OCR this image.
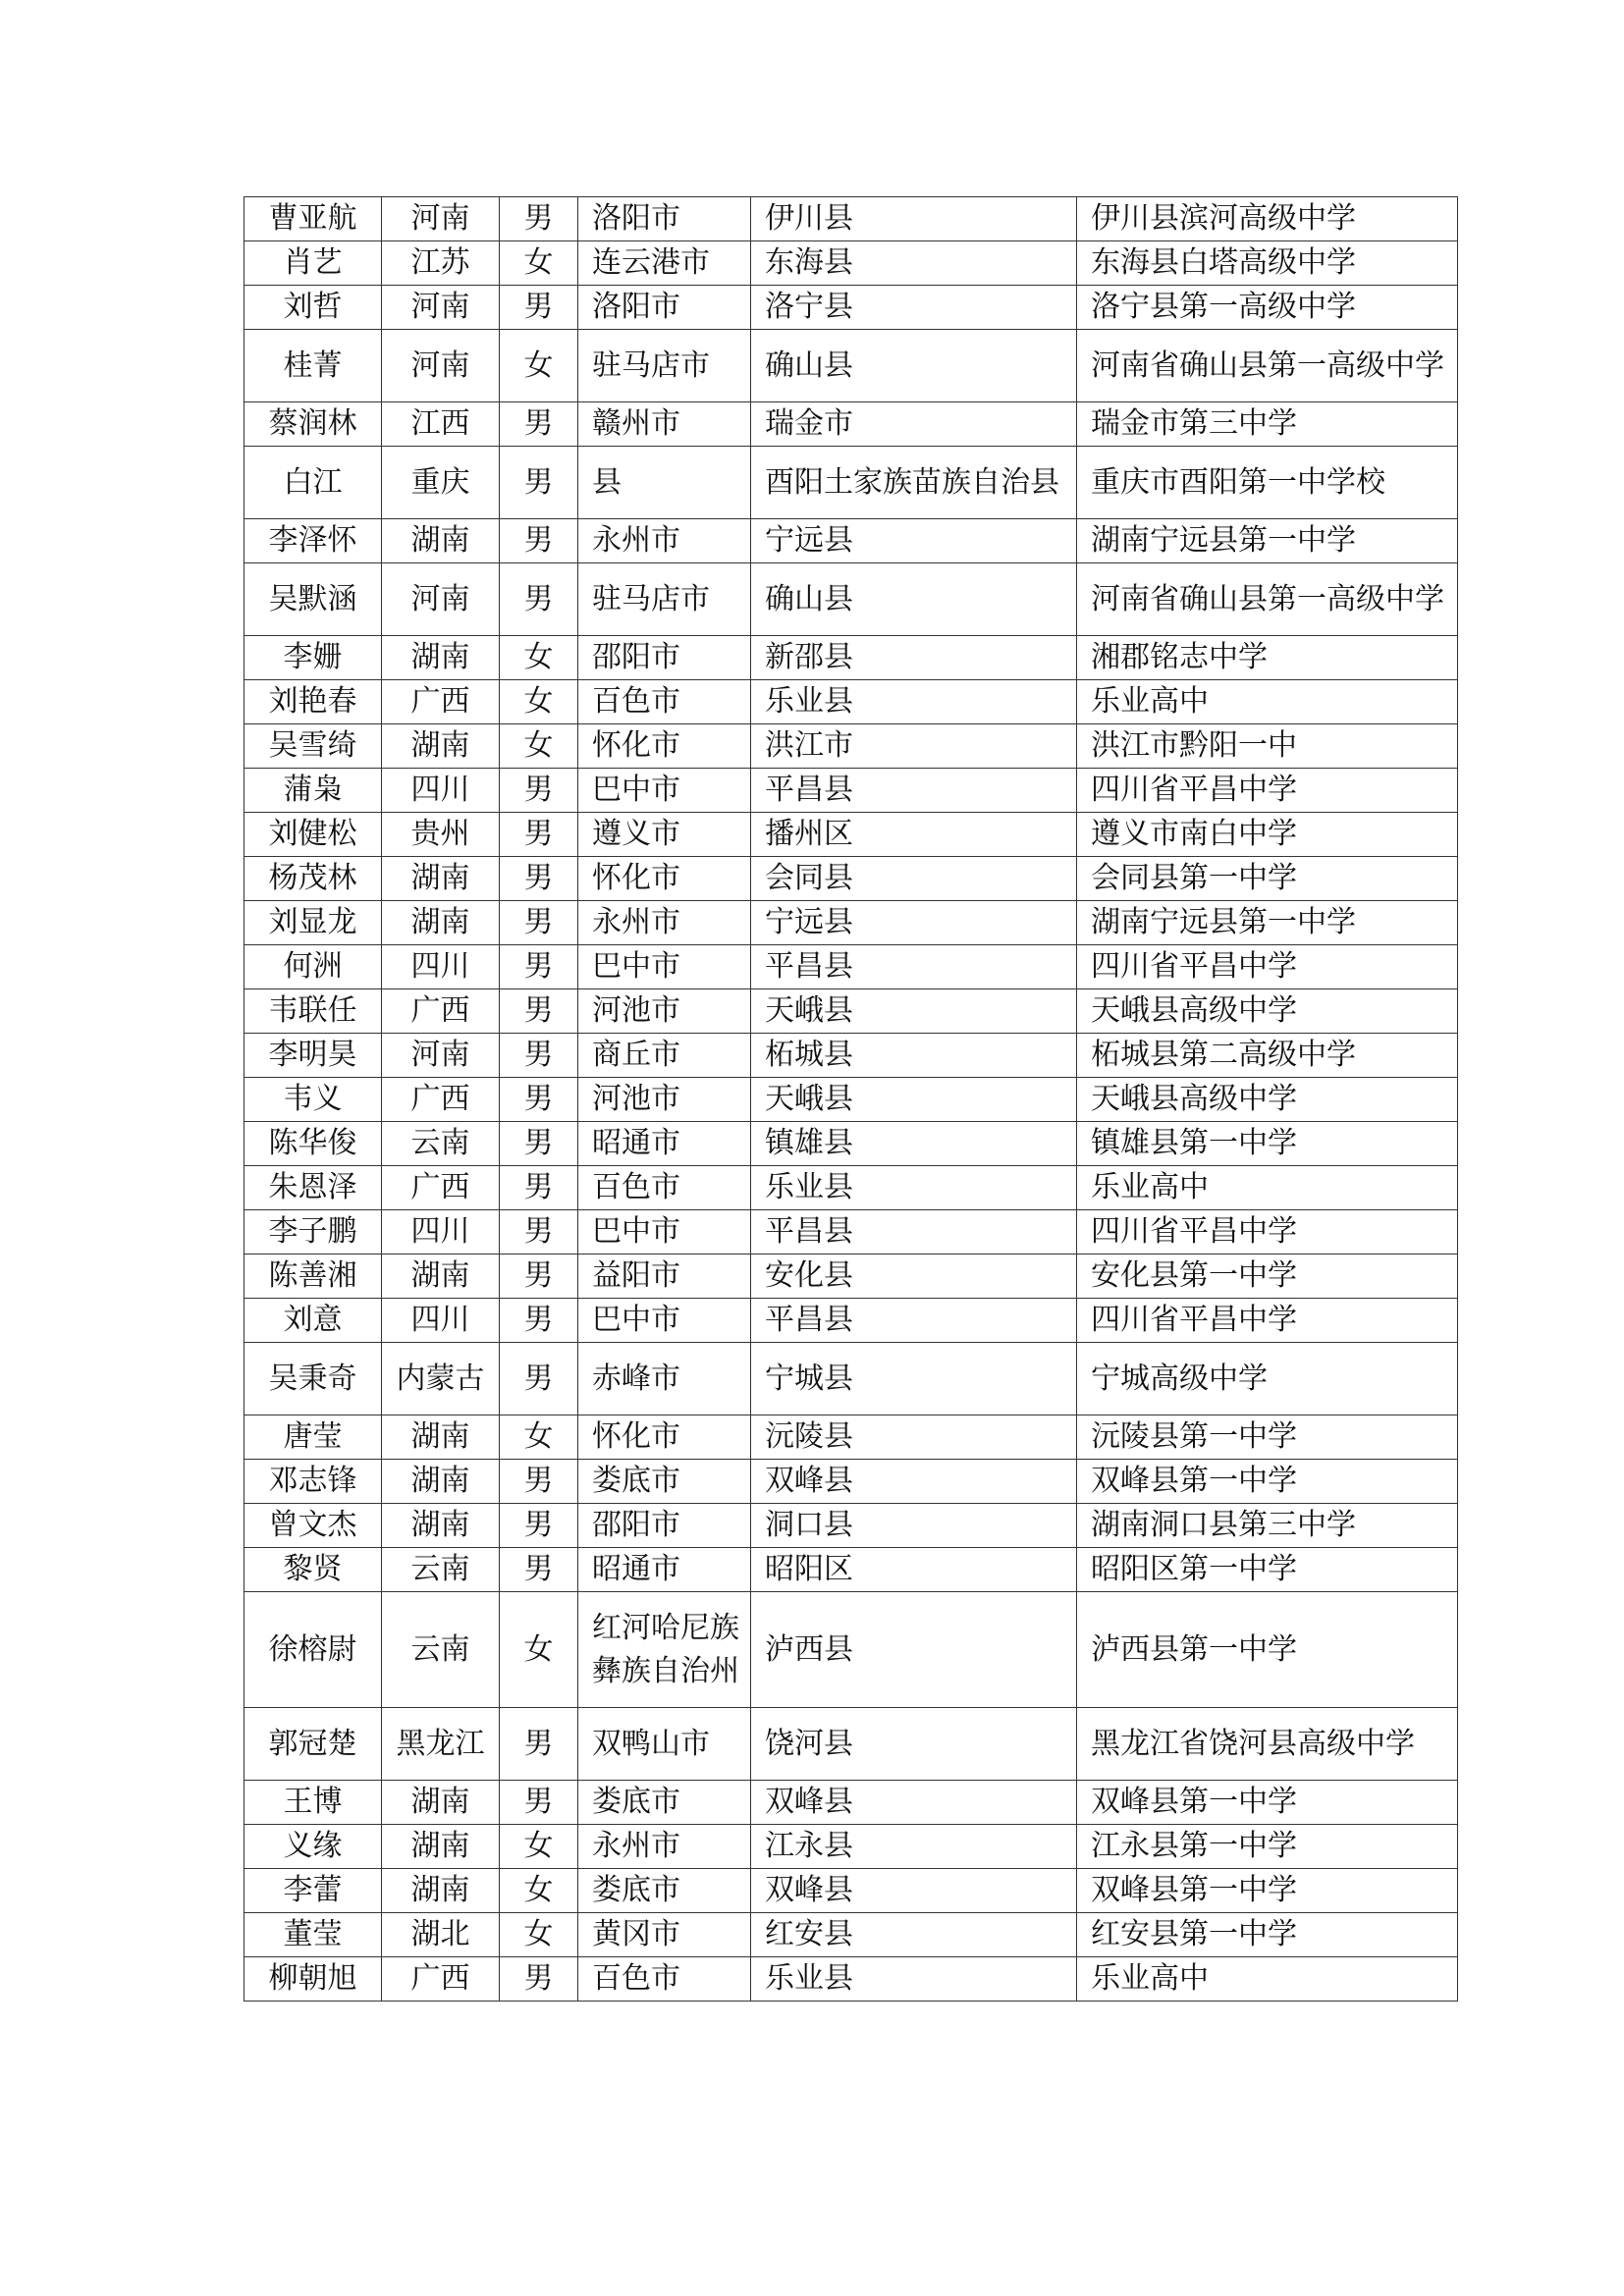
曹亚航	河南	男	洛阳市	伊川县	伊川县滨河高级中学
肖艺	江苏	女	连云港市	东海县	东海县白塔高级中学
刘哲	河南	男	洛阳市	洛宁县	洛宁县第一高级中学
桂菁	河南	女	驻马店市	确山县	河南省确山县第一高级中学
蔡润林	江西	男	赣州市	瑞金市	瑞金市第三中学
白江	重庆	男	县	酉阳土家族苗族自治县	重庆市酉阳第一中学校
李泽怀	湖南	男	永州市	宁远县	湖南宁远县第一中学
吴默涵	河南	男	驻马店市	确山县	河南省确山县第一高级中学
李姗	湖南	女	邵阳市	新邵县	湘郡铭志中学
刘艳春	广西	女	百色市	乐业县	乐业高中
吴雪绮	湖南	女	怀化市	洪江市	洪江市黔阳一中
蒲枭	四川	男	巴中市	平昌县	四川省平昌中学
刘健松	贵州	男	遵义市	播州区	遵义市南白中学
杨茂林	湖南	男	怀化市	会同县	会同县第一中学
刘显龙	湖南	男	永州市	宁远县	湖南宁远县第一中学
何洲	四川	男	巴中市	平昌县	四川省平昌中学
韦联任	广西	男	河池市	天峨县	天峨县高级中学
李明昊	河南	男	商丘市	柘城县	柘城县第二高级中学
韦义	广西	男	河池市	天峨县	天峨县高级中学
陈华俊	云南	男	昭通市	镇雄县	镇雄县第一中学
朱恩泽	广西	男	百色市	乐业县	乐业高中
李子鹏	四川	男	巴中市	平昌县	四川省平昌中学
陈善湘	湖南	男	益阳市	安化县	安化县第一中学
刘意	四川	男	巴中市	平昌县	四川省平昌中学
吴秉奇	内蒙古	男	赤峰市	宁城县	宁城高级中学
唐莹	湖南	女	怀化市	沅陵县	沅陵县第一中学
邓志锋	湖南	男	娄底市	双峰县	双峰县第一中学
曾文杰	湖南	男	邵阳市	洞口县	湖南洞口县第三中学
黎贤	云南	男	昭通市	昭阳区	昭阳区第一中学
徐榕尉	云南	女	红河哈尼族彝族自治州	泸西县	泸西县第一中学
郭冠楚	黑龙江	男	双鸭山市	饶河县	黑龙江省饶河县高级中学
王博	湖南	男	娄底市	双峰县	双峰县第一中学
义缘	湖南	女	永州市	江永县	江永县第一中学
李蕾	湖南	女	娄底市	双峰县	双峰县第一中学
董莹	湖北	女	黄冈市	红安县	红安县第一中学
柳朝旭	广西	男	百色市	乐业县	乐业高中
